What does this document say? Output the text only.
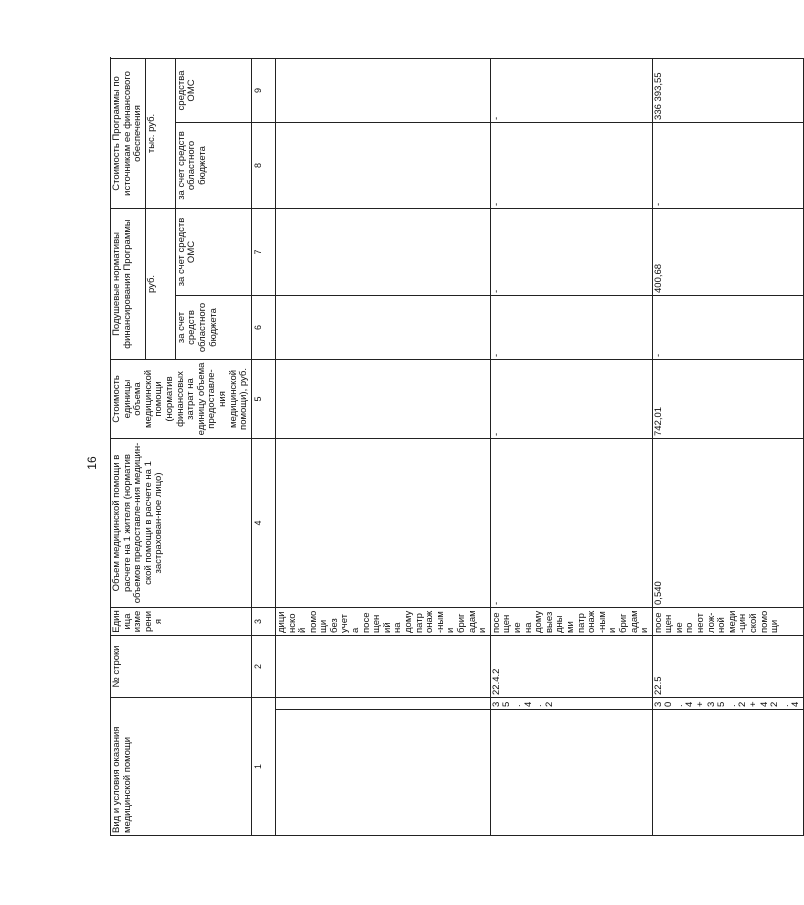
16
Вид и условия оказания медицинской помощи		№ строки	Единица измерения	Объем медицинской помощи в расчете на 1 жителя (норматив объемов предоставле-ния медицин-ской помощи в расчете на 1 застрахован-ное лицо)	Стоимость единицы объема медицинской помощи (норматив финансовых затрат на единицу объема предоставле-ния медицинской помощи), руб.	Подушевые нормативы финансирования Программы		Стоимость Программы по источникам ее финансового обеспечения		
						руб.		тыс. руб.	
						за счет средств областного бюджета	за счет средств ОМС	за счет средств областного бюджета	средства ОМС	
1		2	3	4	5	6	7	8	9	
			дицинской помощи без учета посещений на дому патронаж-ными бригадами							
	35.4.2	22.4.2	посещение на дому выездными патронаж-ными бригадами	-	-	-	-	-	-	
	30.4+ 35.2+ 42.4	22.5	посещение по неотлож-ной меди-цинской помощи	0,540	742,01	-	400,68	-	336 393,55	
